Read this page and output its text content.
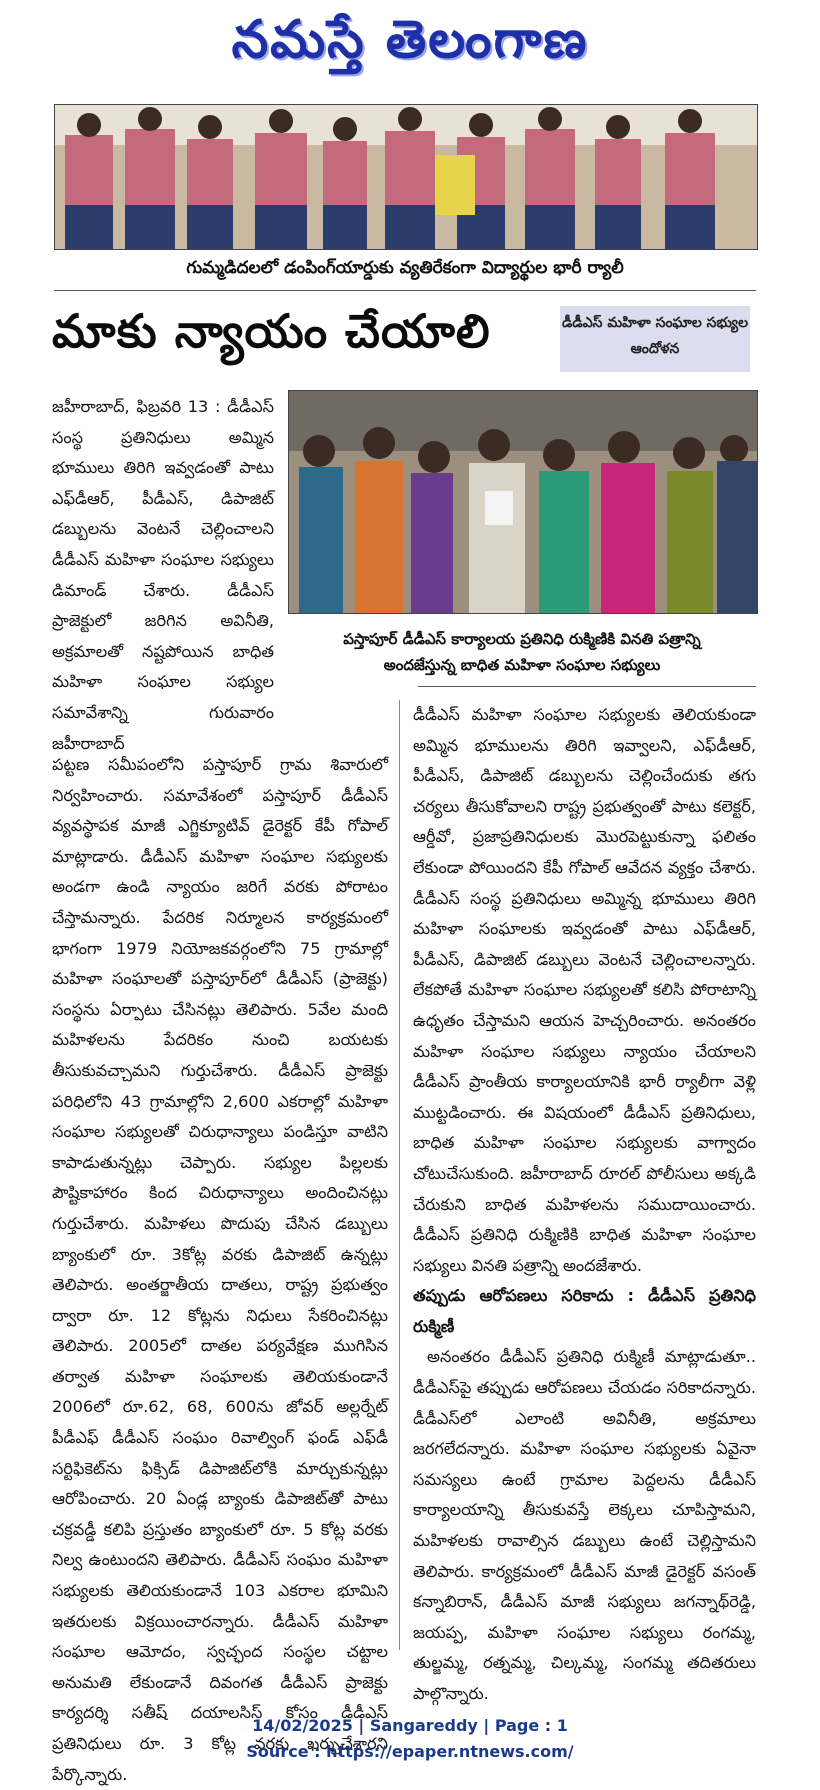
నమస్తే తెలంగాణ
గుమ్మడిదలలో డంపింగ్‌యార్డుకు వ్యతిరేకంగా విద్యార్థుల భారీ ర్యాలీ
మాకు న్యాయం చేయాలి	డీడీఎస్ మహిళా సంఘాల సభ్యుల ఆందోళన
పస్తాపూర్ డీడీఎస్ కార్యాలయ ప్రతినిధి రుక్మిణికి వినతి పత్రాన్ని
అందజేస్తున్న బాధిత మహిళా సంఘాల సభ్యులు

జహీరాబాద్, ఫిబ్రవరి 13 : డీడీఎస్ సంస్థ ప్రతినిధులు అమ్మిన భూములు తిరిగి ఇవ్వడంతో పాటు ఎఫ్‌డీఆర్, పీడీఎస్, డిపాజిట్ డబ్బులను వెంటనే చెల్లించాలని డీడీఎస్ మహిళా సంఘాల సభ్యులు డిమాండ్ చేశారు. డీడీఎస్ ప్రాజెక్టులో జరిగిన అవినీతి, అక్రమాలతో నష్టపోయిన బాధిత మహిళా సంఘాల సభ్యుల సమావేశాన్ని గురువారం జహీరాబాద్

పట్టణ సమీపంలోని పస్తాపూర్ గ్రామ శివారులో నిర్వహించారు. సమావేశంలో పస్తాపూర్ డీడీఎస్ వ్యవస్థాపక మాజీ ఎగ్జిక్యూటివ్ డైరెక్టర్ కేపీ గోపాల్ మాట్లాడారు. డీడీఎస్ మహిళా సంఘాల సభ్యులకు అండగా ఉండి న్యాయం జరిగే వరకు పోరాటం చేస్తామన్నారు. పేదరిక నిర్మూలన కార్యక్రమంలో భాగంగా 1979 నియోజకవర్గంలోని 75 గ్రామాల్లో మహిళా సంఘాలతో పస్తాపూర్‌లో డీడీఎస్ (ప్రాజెక్టు) సంస్థను ఏర్పాటు చేసినట్లు తెలిపారు. 5వేల మంది మహిళలను పేదరికం నుంచి బయటకు తీసుకువచ్చామని గుర్తుచేశారు. డీడీఎస్ ప్రాజెక్టు పరిధిలోని 43 గ్రామాల్లోని 2,600 ఎకరాల్లో మహిళా సంఘాల సభ్యులతో చిరుధాన్యాలు పండిస్తూ వాటిని కాపాడుతున్నట్లు చెప్పారు. సభ్యుల పిల్లలకు పౌష్టికాహారం కింద చిరుధాన్యాలు అందించినట్లు గుర్తుచేశారు. మహిళలు పొదుపు చేసిన డబ్బులు బ్యాంకులో రూ. 3కోట్ల వరకు డిపాజిట్ ఉన్నట్లు తెలిపారు. అంతర్జాతీయ దాతలు, రాష్ట్ర ప్రభుత్వం ద్వారా రూ. 12 కోట్లను నిధులు సేకరించినట్లు తెలిపారు. 2005లో దాతల పర్యవేక్షణ ముగిసిన తర్వాత మహిళా సంఘాలకు తెలియకుండానే 2006లో రూ.62, 68, 600ను జోవర్ అల్లర్నేట్ పీడీఎఫ్ డీడీఎస్ సంఘం రివాల్వింగ్ ఫండ్ ఎఫ్‌డీ సర్టిఫికెట్‌ను ఫిక్సిడ్ డిపాజిట్‌లోకి మార్చుకున్నట్లు ఆరోపించారు. 20 ఏండ్ల బ్యాంకు డిపాజిట్‌తో పాటు చక్రవడ్డీ కలిపి ప్రస్తుతం బ్యాంకులో రూ. 5 కోట్ల వరకు నిల్వ ఉంటుందని తెలిపారు. డీడీఎస్ సంఘం మహిళా సభ్యులకు తెలియకుండానే 103 ఎకరాల భూమిని ఇతరులకు విక్రయించారన్నారు. డీడీఎస్ మహిళా సంఘాల ఆమోదం, స్వచ్ఛంద సంస్థల చట్టాల అనుమతి లేకుండానే దివంగత డీడీఎస్ ప్రాజెక్టు కార్యదర్శి సతీష్ దయాలసిస్ కోసం డీడీఎస్ ప్రతినిధులు రూ. 3 కోట్ల వరకు ఖర్చుచేశారని పేర్కొన్నారు.

డీడీఎస్ మహిళా సంఘాల సభ్యులకు తెలియకుండా అమ్మిన భూములను తిరిగి ఇవ్వాలని, ఎఫ్‌డీఆర్, పీడీఎస్, డిపాజిట్ డబ్బులను చెల్లించేందుకు తగు చర్యలు తీసుకోవాలని రాష్ట్ర ప్రభుత్వంతో పాటు కలెక్టర్, ఆర్డీవో, ప్రజాప్రతినిధులకు మొరపెట్టుకున్నా ఫలితం లేకుండా పోయిందని కేపీ గోపాల్ ఆవేదన వ్యక్తం చేశారు. డీడీఎస్ సంస్థ ప్రతినిధులు అమ్మిన్న భూములు తిరిగి మహిళా సంఘాలకు ఇవ్వడంతో పాటు ఎఫ్‌డీఆర్, పీడీఎస్, డిపాజిట్ డబ్బులు వెంటనే చెల్లించాలన్నారు. లేకపోతే మహిళా సంఘాల సభ్యులతో కలిసి పోరాటాన్ని ఉధృతం చేస్తామని ఆయన హెచ్చరించారు. అనంతరం మహిళా సంఘాల సభ్యులు న్యాయం చేయాలని డీడీఎస్ ప్రాంతీయ కార్యాలయానికి భారీ ర్యాలీగా వెళ్లి ముట్టడించారు. ఈ విషయంలో డీడీఎస్ ప్రతినిధులు, బాధిత మహిళా సంఘాల సభ్యులకు వాగ్వాదం చోటుచేసుకుంది. జహీరాబాద్ రూరల్ పోలీసులు అక్కడి చేరుకుని బాధిత మహిళలను సముదాయించారు. డీడీఎస్ ప్రతినిధి రుక్మిణికి బాధిత మహిళా సంఘాల సభ్యులు వినతి పత్రాన్ని అందజేశారు.

తప్పుడు ఆరోపణలు సరికాదు : డీడీఎస్ ప్రతినిధి రుక్మిణీ

అనంతరం డీడీఎస్ ప్రతినిధి రుక్మిణీ మాట్లాడుతూ.. డీడీఎస్‌పై తప్పుడు ఆరోపణలు చేయడం సరికాదన్నారు. డీడీఎస్‌లో ఎలాంటి అవినీతి, అక్రమాలు జరగలేదన్నారు. మహిళా సంఘాల సభ్యులకు ఏవైనా సమస్యలు ఉంటే గ్రామాల పెద్దలను డీడీఎస్ కార్యాలయాన్ని తీసుకువస్తే లెక్కలు చూపిస్తామని, మహిళలకు రావాల్సిన డబ్బులు ఉంటే చెల్లిస్తామని తెలిపారు. కార్యక్రమంలో డీడీఎస్ మాజీ డైరెక్టర్ వసంత్ కన్నాబిరాన్, డీడీఎస్ మాజీ సభ్యులు జగన్నాథ్‌రెడ్డి, జయప్ప, మహిళా సంఘాల సభ్యులు రంగమ్మ, తుల్జమ్మ, రత్నమ్మ, చిల్కమ్మ, సంగమ్మ తదితరులు పాల్గొన్నారు.

14/02/2025 | Sangareddy | Page : 1
Source : https://epaper.ntnews.com/
